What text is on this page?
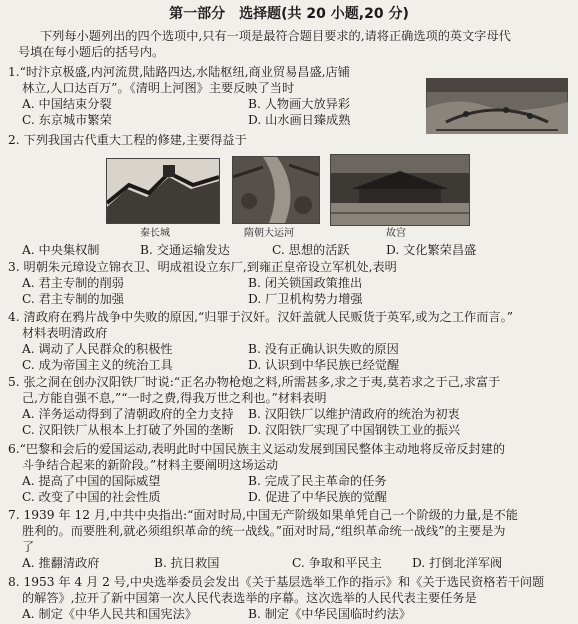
第一部分　选择题(共 20 小题,20 分)
下列每小题列出的四个选项中,只有一项是最符合题目要求的,请将正确选项的英文字母代
号填在每小题后的括号内。
1.“时汴京极盛,内河流贯,陆路四达,水陆枢纽,商业贸易昌盛,店铺
林立,人口达百万”。《清明上河图》主要反映了当时
A. 中国结束分裂	B. 人物画大放异彩
C. 东京城市繁荣	D. 山水画日臻成熟
2. 下列我国古代重大工程的修建,主要得益于
秦长城	隋朝大运河	故宫
A. 中央集权制	B. 交通运输发达	C. 思想的活跃	D. 文化繁荣昌盛
3. 明朝朱元璋设立锦衣卫、明成祖设立东厂,到雍正皇帝设立军机处,表明
A. 君主专制的削弱	B. 闭关锁国政策推出
C. 君主专制的加强	D. 厂卫机构势力增强
4. 清政府在鸦片战争中失败的原因,“归罪于汉奸。汉奸盖就人民贩货于英军,或为之工作而言。”
材料表明清政府
A. 调动了人民群众的积极性	B. 没有正确认识失败的原因
C. 成为帝国主义的统治工具	D. 认识到中华民族已经觉醒
5. 张之洞在创办汉阳铁厂时说:“正名办物枪炮之料,所需甚多,求之于夷,莫若求之于己,求富于
己,方能自强不息,”“一时之费,得我万世之利也。”材料表明
A. 洋务运动得到了清朝政府的全力支持 B. 汉阳铁厂以维护清政府的统治为初衷
C. 汉阳铁厂从根本上打破了外国的垄断 D. 汉阳铁厂实现了中国钢铁工业的振兴
6.“巴黎和会后的爱国运动,表明此时中国民族主义运动发展到国民整体主动地将反帝反封建的
斗争结合起来的新阶段。”材料主要阐明这场运动
A. 提高了中国的国际威望	B. 完成了民主革命的任务
C. 改变了中国的社会性质	D. 促进了中华民族的觉醒
7. 1939 年 12 月,中共中央指出:“面对时局,中国无产阶级如果单凭自己一个阶级的力量,是不能
胜利的。而要胜利,就必须组织革命的统一战线。”面对时局,“组织革命统一战线”的主要是为
了
A. 推翻清政府	B. 抗日救国	C. 争取和平民主 D. 打倒北洋军阀
8. 1953 年 4 月 2 号,中央选举委员会发出《关于基层选举工作的指示》和《关于选民资格若干问题
的解答》,拉开了新中国第一次人民代表选举的序幕。这次选举的人民代表主要任务是
A. 制定《中华人民共和国宪法》	B. 制定《中华民国临时约法》
